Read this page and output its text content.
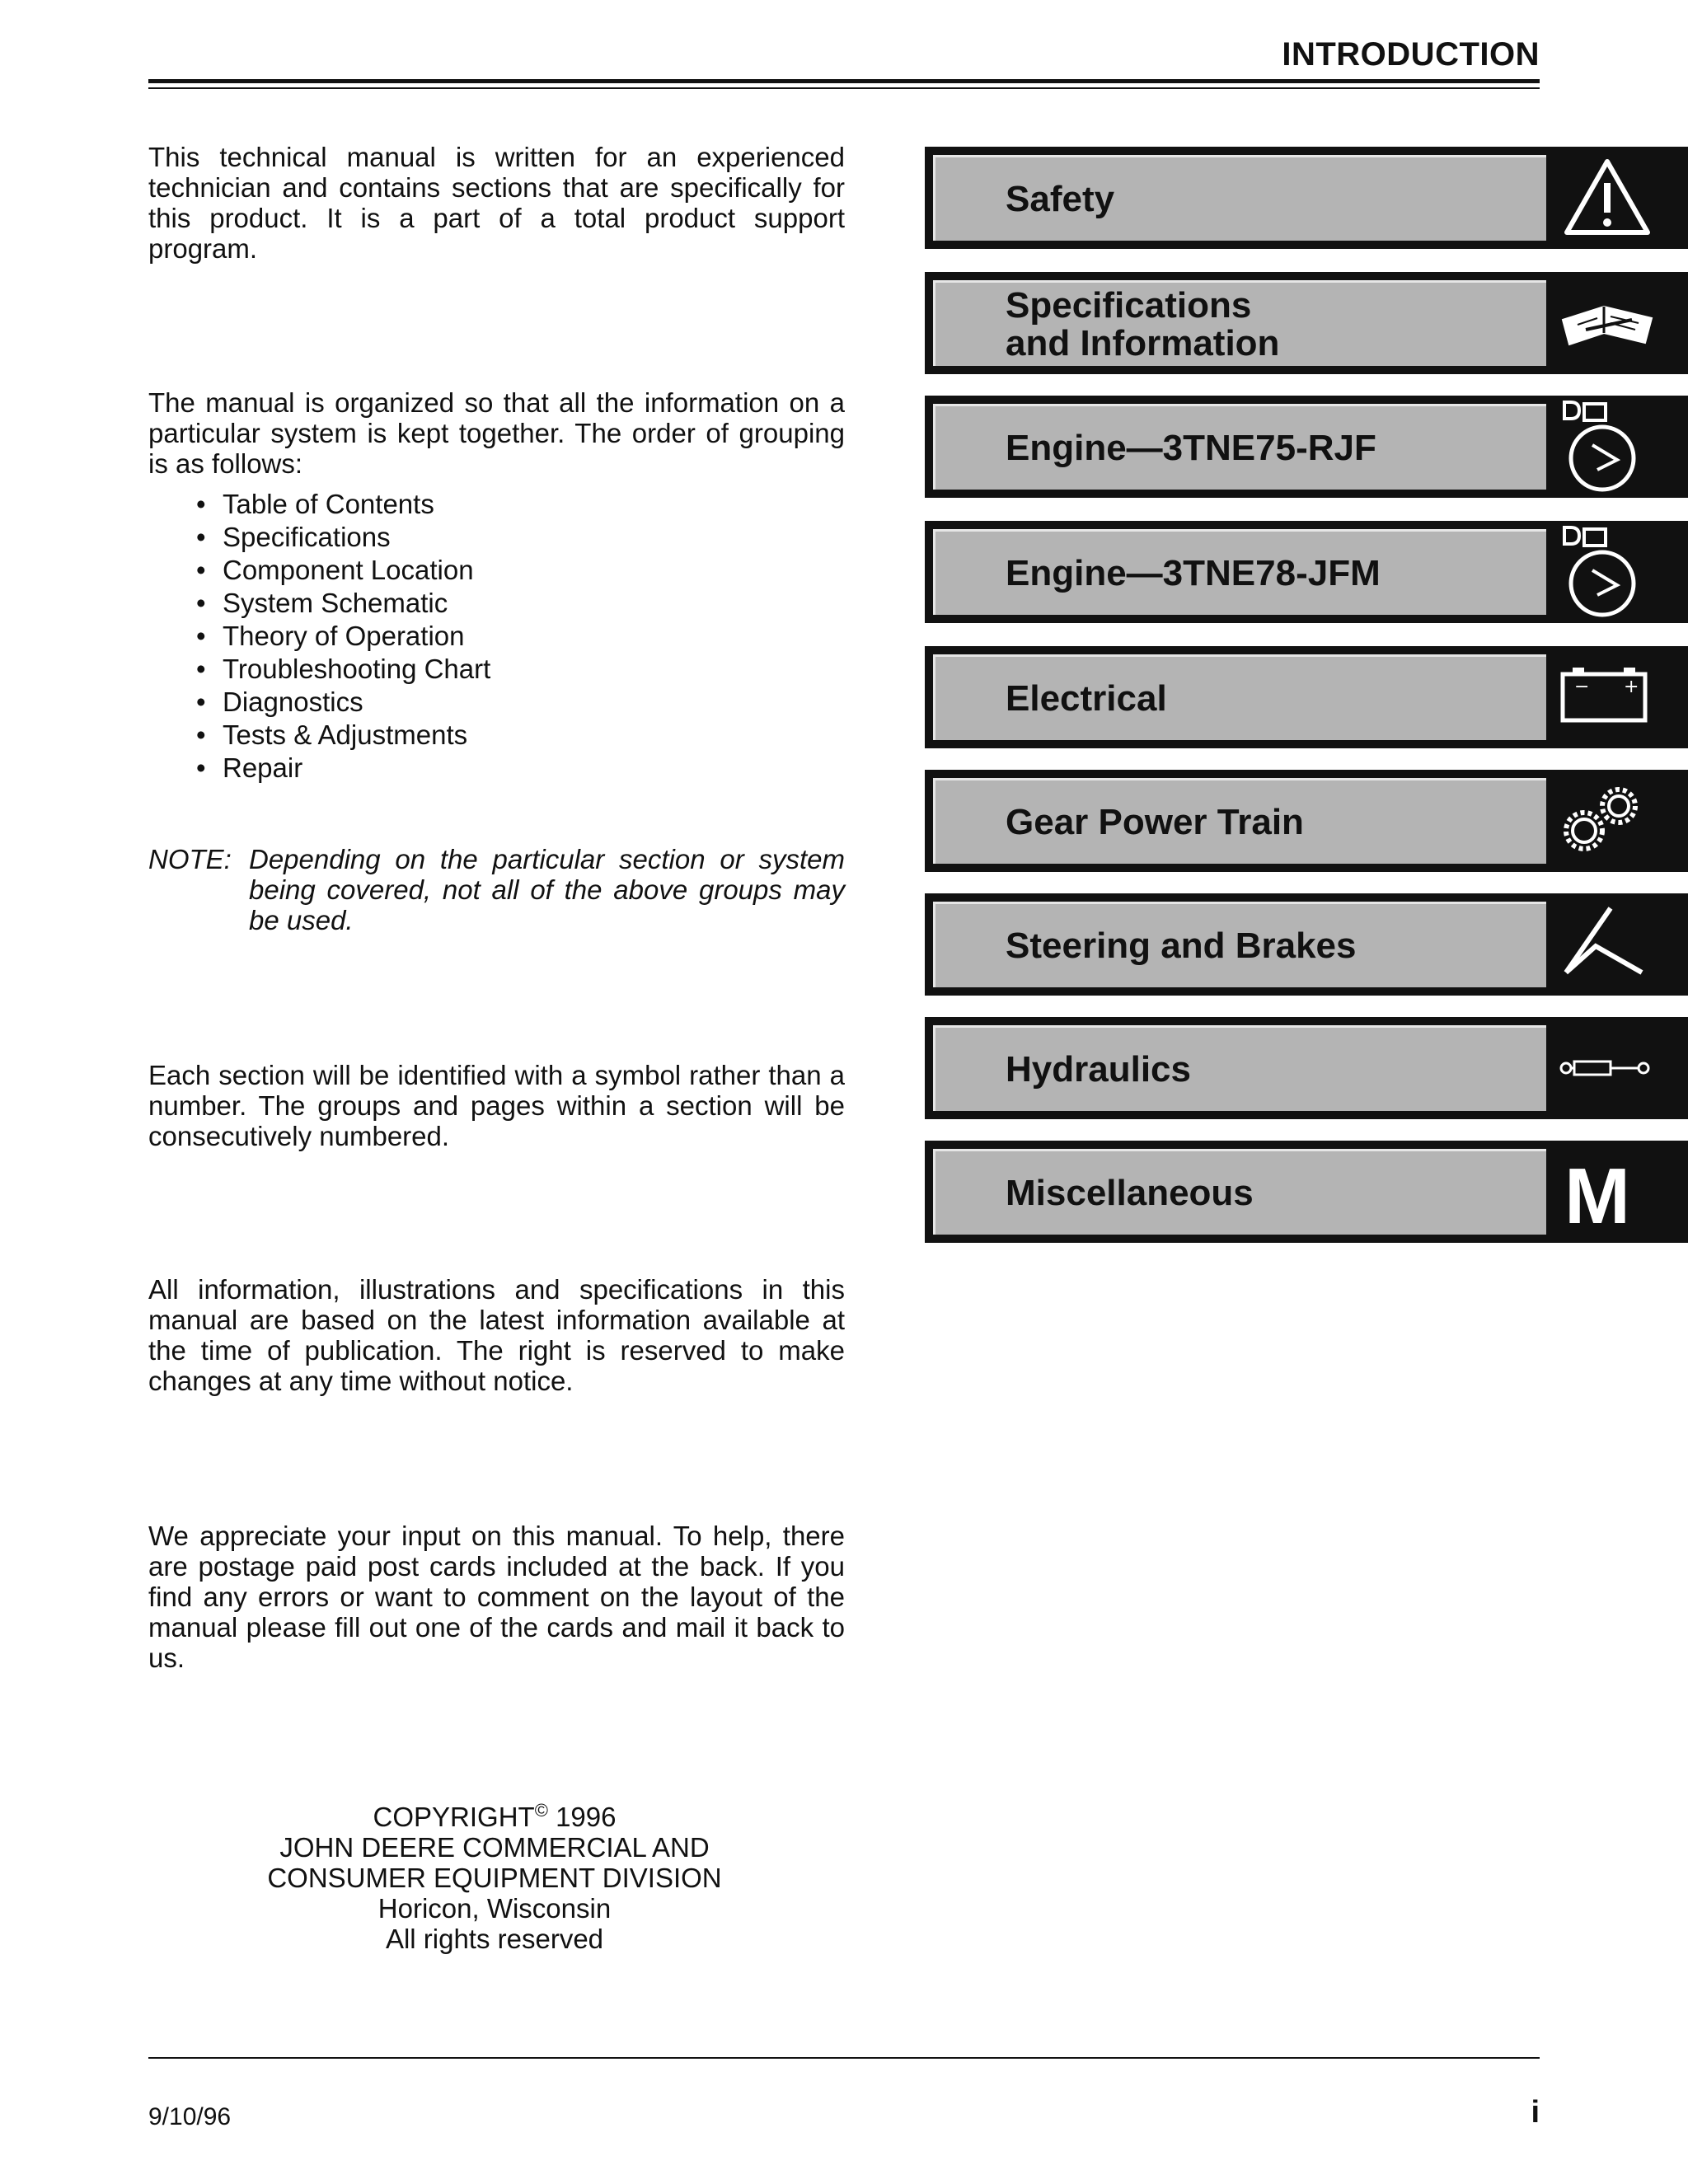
INTRODUCTION

This technical manual is written for an experienced technician and contains sections that are specifically for this product. It is a part of a total product support program.

The manual is organized so that all the information on a particular system is kept together. The order of grouping is as follows:

• Table of Contents
• Specifications
• Component Location
• System Schematic
• Theory of Operation
• Troubleshooting Chart
• Diagnostics
• Tests & Adjustments
• Repair
NOTE: Depending on the particular section or system being covered, not all of the above groups may be used.

Each section will be identified with a symbol rather than a number. The groups and pages within a section will be consecutively numbered.

All information, illustrations and specifications in this manual are based on the latest information available at the time of publication. The right is reserved to make changes at any time without notice.

We appreciate your input on this manual. To help, there are postage paid post cards included at the back. If you find any errors or want to comment on the layout of the manual please fill out one of the cards and mail it back to us.

COPYRIGHT© 1996
JOHN DEERE COMMERCIAL AND
CONSUMER EQUIPMENT DIVISION
Horicon, Wisconsin
All rights reserved
Safety
Specifications
and Information
Engine—3TNE75-RJF
Engine—3TNE78-JFM
Electrical	− +
Gear Power Train
Steering and Brakes
Hydraulics
Miscellaneous	M
9/10/96	i
